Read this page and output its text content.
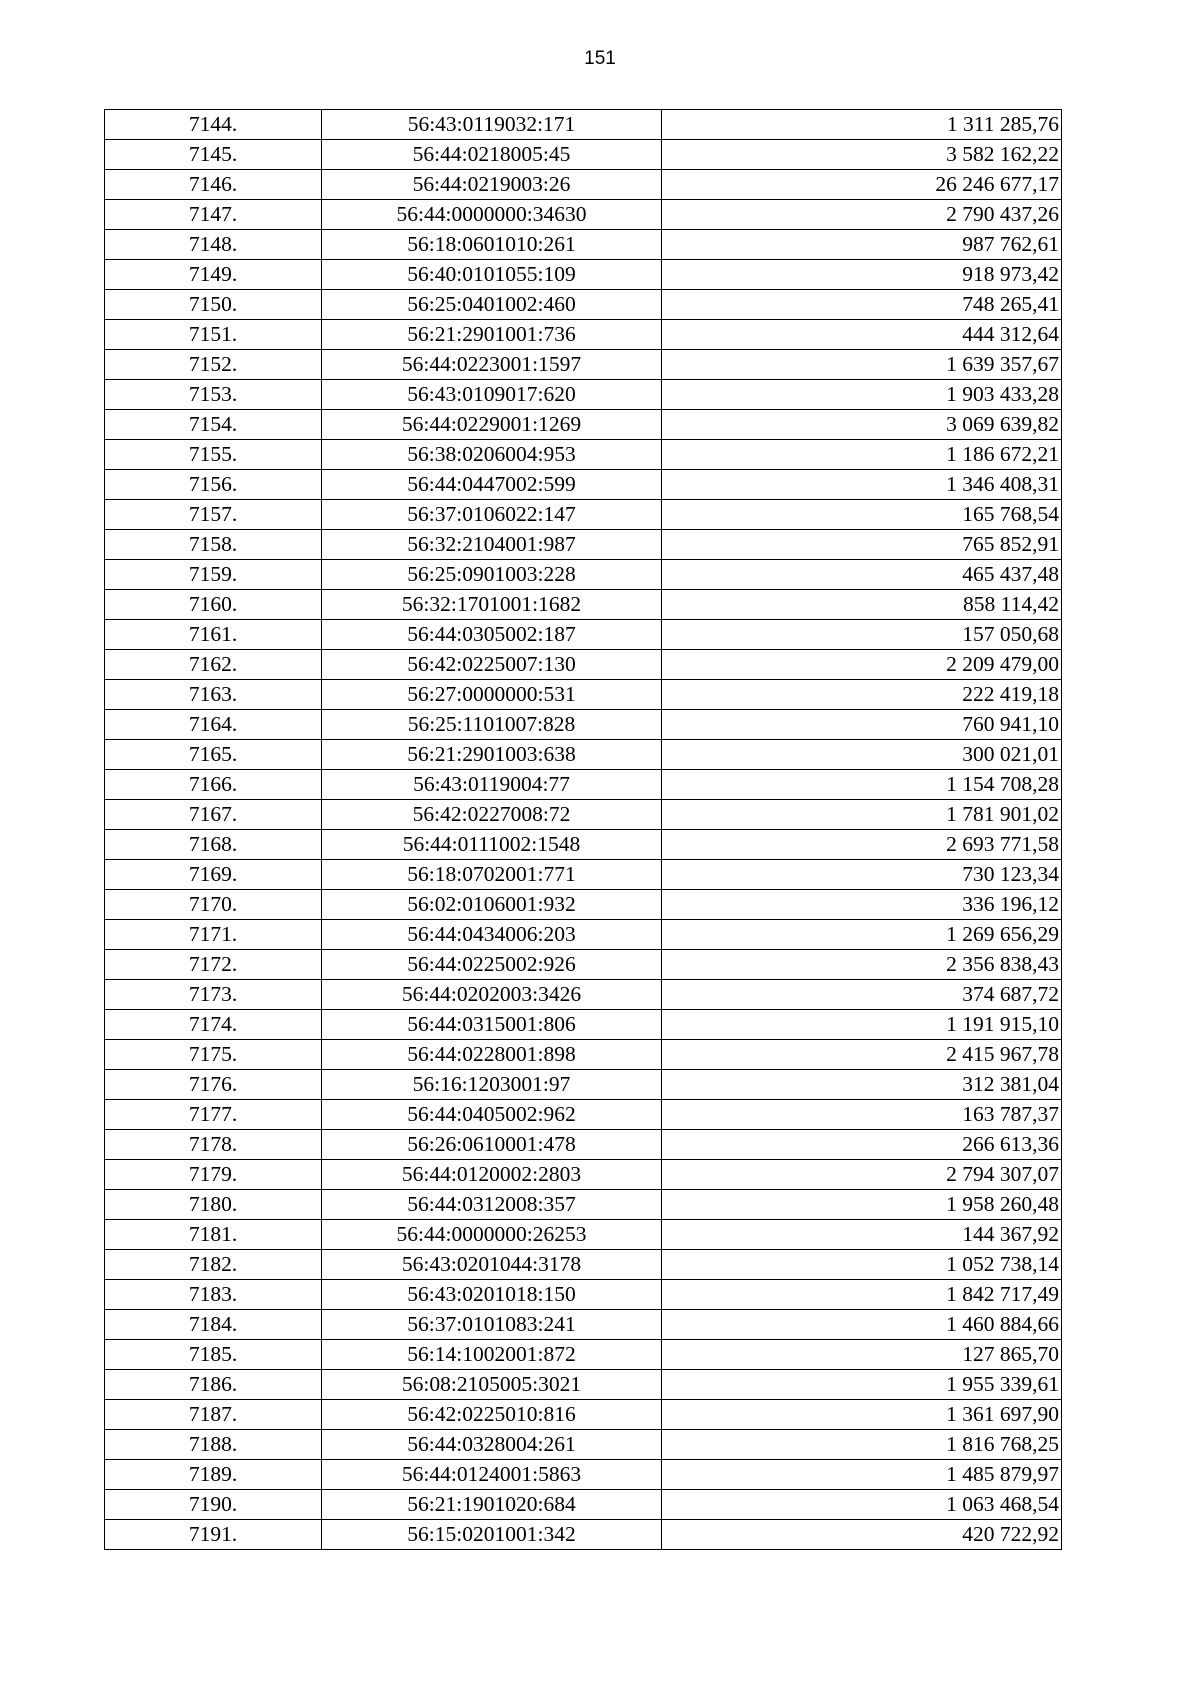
151
7144.	56:43:0119032:171	1 311 285,76
7145.	56:44:0218005:45	3 582 162,22
7146.	56:44:0219003:26	26 246 677,17
7147.	56:44:0000000:34630	2 790 437,26
7148.	56:18:0601010:261	987 762,61
7149.	56:40:0101055:109	918 973,42
7150.	56:25:0401002:460	748 265,41
7151.	56:21:2901001:736	444 312,64
7152.	56:44:0223001:1597	1 639 357,67
7153.	56:43:0109017:620	1 903 433,28
7154.	56:44:0229001:1269	3 069 639,82
7155.	56:38:0206004:953	1 186 672,21
7156.	56:44:0447002:599	1 346 408,31
7157.	56:37:0106022:147	165 768,54
7158.	56:32:2104001:987	765 852,91
7159.	56:25:0901003:228	465 437,48
7160.	56:32:1701001:1682	858 114,42
7161.	56:44:0305002:187	157 050,68
7162.	56:42:0225007:130	2 209 479,00
7163.	56:27:0000000:531	222 419,18
7164.	56:25:1101007:828	760 941,10
7165.	56:21:2901003:638	300 021,01
7166.	56:43:0119004:77	1 154 708,28
7167.	56:42:0227008:72	1 781 901,02
7168.	56:44:0111002:1548	2 693 771,58
7169.	56:18:0702001:771	730 123,34
7170.	56:02:0106001:932	336 196,12
7171.	56:44:0434006:203	1 269 656,29
7172.	56:44:0225002:926	2 356 838,43
7173.	56:44:0202003:3426	374 687,72
7174.	56:44:0315001:806	1 191 915,10
7175.	56:44:0228001:898	2 415 967,78
7176.	56:16:1203001:97	312 381,04
7177.	56:44:0405002:962	163 787,37
7178.	56:26:0610001:478	266 613,36
7179.	56:44:0120002:2803	2 794 307,07
7180.	56:44:0312008:357	1 958 260,48
7181.	56:44:0000000:26253	144 367,92
7182.	56:43:0201044:3178	1 052 738,14
7183.	56:43:0201018:150	1 842 717,49
7184.	56:37:0101083:241	1 460 884,66
7185.	56:14:1002001:872	127 865,70
7186.	56:08:2105005:3021	1 955 339,61
7187.	56:42:0225010:816	1 361 697,90
7188.	56:44:0328004:261	1 816 768,25
7189.	56:44:0124001:5863	1 485 879,97
7190.	56:21:1901020:684	1 063 468,54
7191.	56:15:0201001:342	420 722,92
